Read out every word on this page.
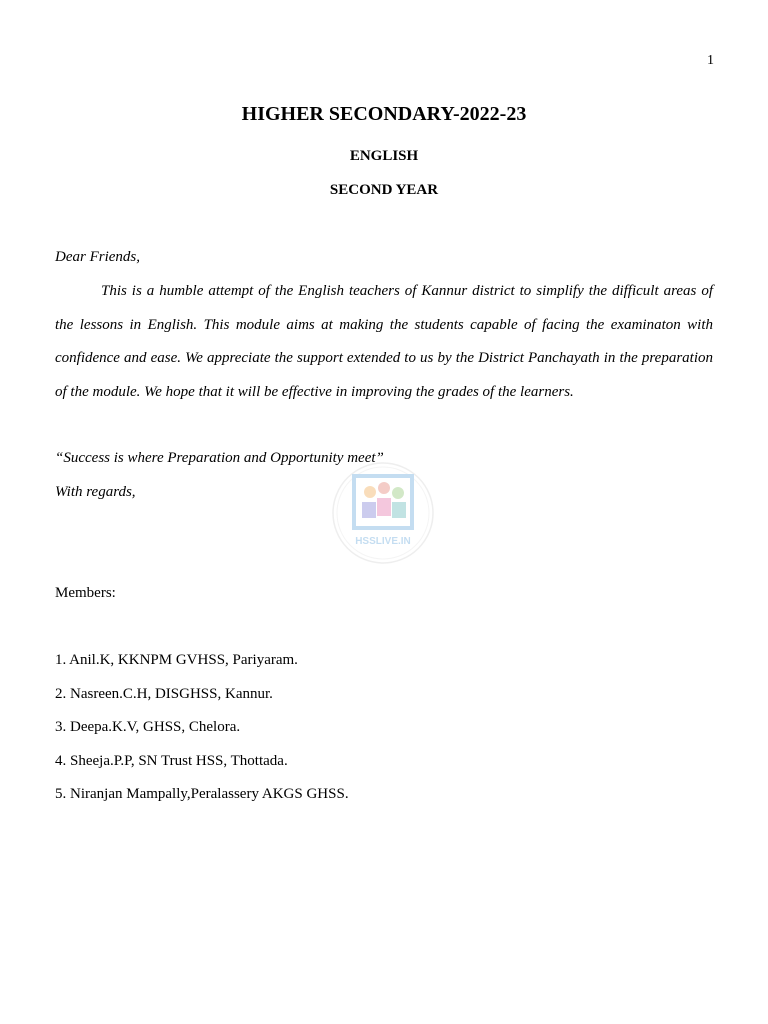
1
HIGHER SECONDARY-2022-23
ENGLISH
SECOND YEAR
Dear Friends,

This is a humble attempt of the English teachers of Kannur district to simplify the difficult areas of the lessons in English. This module aims at making the students capable of facing the examinaton with confidence and ease. We appreciate the support extended to us by the District Panchayath in the preparation of the module. We hope that it will be effective in improving the grades of the learners.

“Success is where Preparation and Opportunity meet”
With regards,
HSSLIVE.IN
Members:
1. Anil.K, KKNPM GVHSS, Pariyaram.
2. Nasreen.C.H, DISGHSS, Kannur.
3. Deepa.K.V, GHSS, Chelora.
4. Sheeja.P.P, SN Trust HSS, Thottada.
5. Niranjan Mampally,Peralassery AKGS GHSS.
